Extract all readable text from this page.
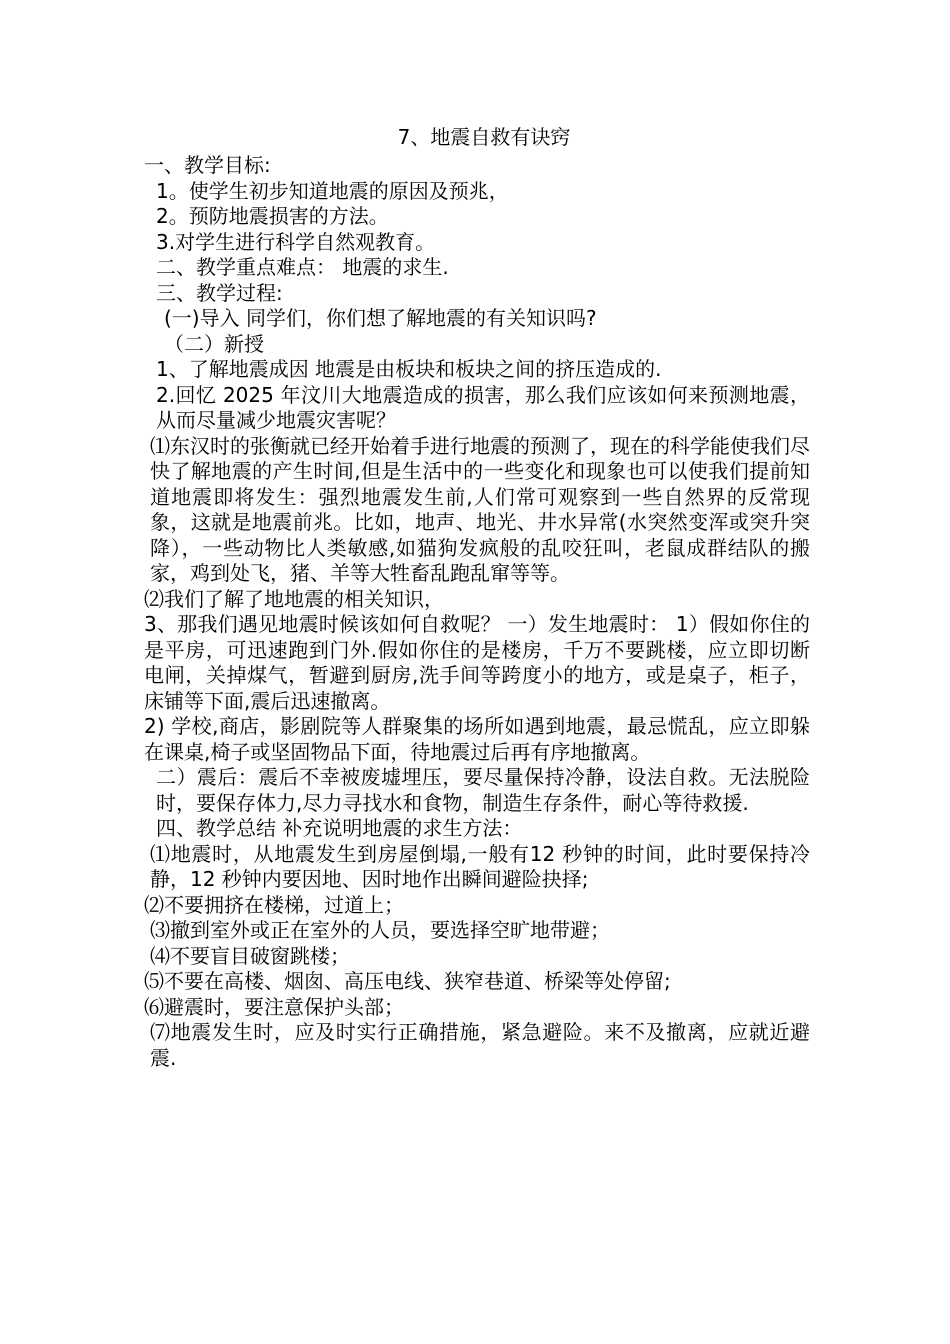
7、地震自救有诀窍

一、教学目标:

1。使学生初步知道地震的原因及预兆，

2。预防地震损害的方法。

3.对学生进行科学自然观教育。

二、教学重点难点： 地震的求生.

三、教学过程:

(一)导入 同学们，你们想了解地震的有关知识吗?

（二）新授

1、了解地震成因 地震是由板块和板块之间的挤压造成的.

2.回忆 2025 年汶川大地震造成的损害，那么我们应该如何来预测地震，从而尽量减少地震灾害呢？

⑴东汉时的张衡就已经开始着手进行地震的预测了，现在的科学能使我们尽快了解地震的产生时间,但是生活中的一些变化和现象也可以使我们提前知道地震即将发生：强烈地震发生前,人们常可观察到一些自然界的反常现象，这就是地震前兆。比如，地声、地光、井水异常(水突然变浑或突升突降），一些动物比人类敏感,如猫狗发疯般的乱咬狂叫，老鼠成群结队的搬家，鸡到处飞，猪、羊等大牲畜乱跑乱窜等等。

⑵我们了解了地地震的相关知识，

3、那我们遇见地震时候该如何自救呢？ 一）发生地震时： 1）假如你住的是平房，可迅速跑到门外.假如你住的是楼房，千万不要跳楼，应立即切断电闸，关掉煤气，暂避到厨房,洗手间等跨度小的地方，或是桌子，柜子，床铺等下面,震后迅速撤离。

2) 学校,商店，影剧院等人群聚集的场所如遇到地震，最忌慌乱，应立即躲在课桌,椅子或坚固物品下面，待地震过后再有序地撤离。

二）震后：震后不幸被废墟埋压，要尽量保持冷静，设法自救。无法脱险时，要保存体力,尽力寻找水和食物，制造生存条件，耐心等待救援.

四、教学总结 补充说明地震的求生方法：

⑴地震时，从地震发生到房屋倒塌,一般有12 秒钟的时间，此时要保持冷静，12 秒钟内要因地、因时地作出瞬间避险抉择;

⑵不要拥挤在楼梯，过道上；

⑶撤到室外或正在室外的人员，要选择空旷地带避；

⑷不要盲目破窗跳楼；

⑸不要在高楼、烟囱、高压电线、狭窄巷道、桥梁等处停留;

⑹避震时，要注意保护头部；

⑺地震发生时，应及时实行正确措施，紧急避险。来不及撤离，应就近避震.
